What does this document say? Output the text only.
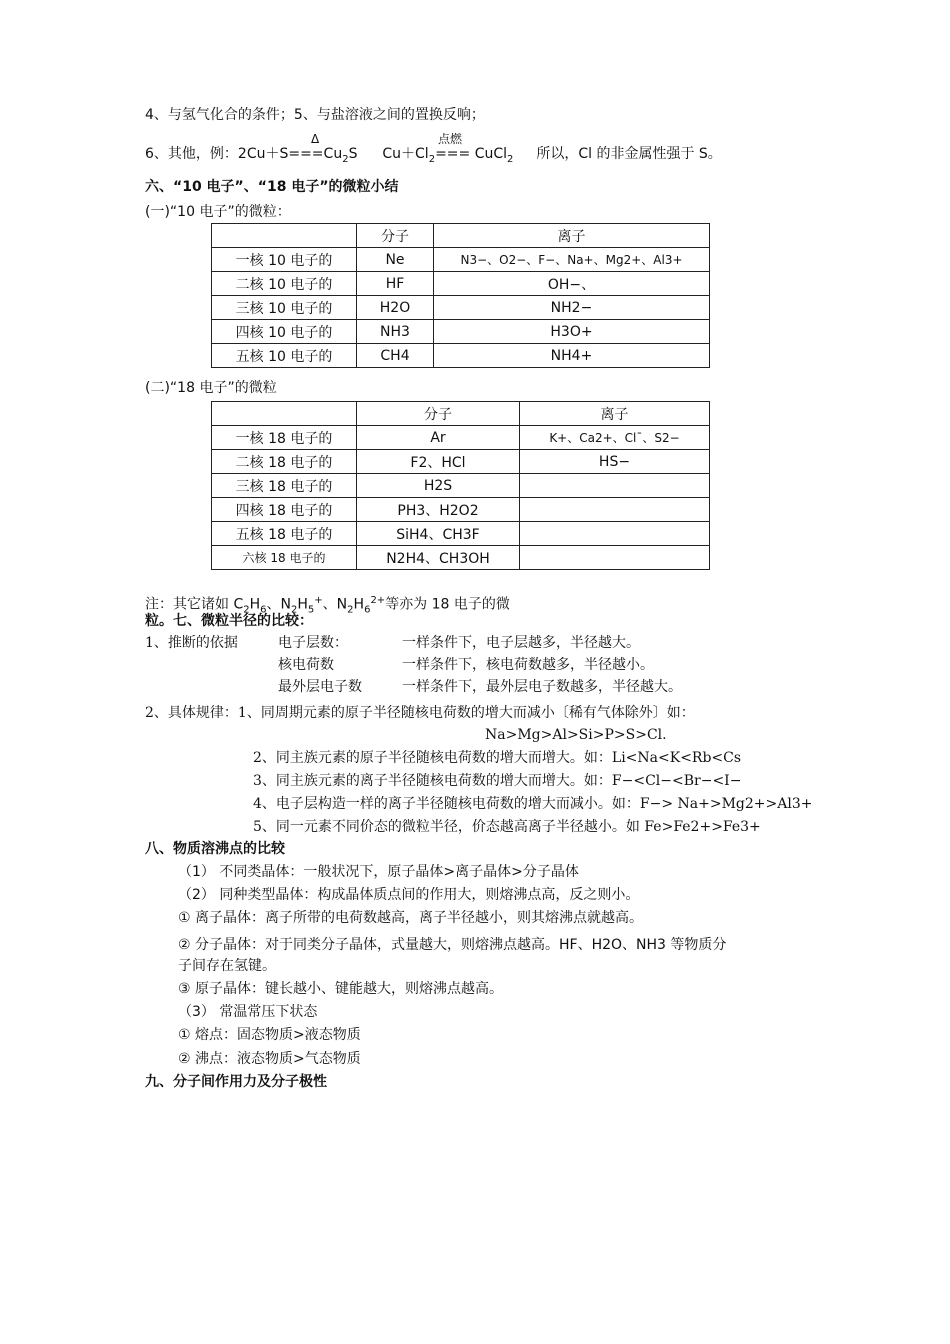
4、与氢气化合的条件；5、与盐溶液之间的置换反响；
Δ	点燃
6、其他，例：$2Cu+S===Cu_2S$ $Cu+Cl_2===$ CuCl$_2$ 所以，Cl 的非金属性强于 S。
六、“10 电子”、“18 电子”的微粒小结
(一)“10 电子”的微粒：
	分子	离子
一核 10 电子的	Ne	N3−、O2−、F−、Na+、Mg2+、Al3+
二核 10 电子的	HF	OH−、
三核 10 电子的	H2O	NH2−
四核 10 电子的	NH3	H3O+
五核 10 电子的	CH4	NH4+
(二)“18 电子”的微粒
	分子	离子
一核 18 电子的	Ar	K+、Ca2+、Cl¯、S2−
二核 18 电子的	F2、HCl	HS−
三核 18 电子的	H2S	
四核 18 电子的	PH3、H2O2	
五核 18 电子的	SiH4、CH3F	
六核 18 电子的	N2H4、CH3OH	
注：其它诸如 $C_2H_6$、$N_2H_5^+$、$N_2H_6^{2+}$等亦为 18 电子的微
粒。七、微粒半径的比较：
1、推断的依据	电子层数：	一样条件下，电子层越多，半径越大。
核电荷数	一样条件下，核电荷数越多，半径越小。
最外层电子数	一样条件下，最外层电子数越多，半径越大。
2、具体规律：1、同周期元素的原子半径随核电荷数的增大而减小〔稀有气体除外〕如：
Na>Mg>Al>Si>P>S>Cl.
2、同主族元素的原子半径随核电荷数的增大而增大。如：Li<Na<K<Rb<Cs
3、同主族元素的离子半径随核电荷数的增大而增大。如：F−<Cl−<Br−<I−
4、电子层构造一样的离子半径随核电荷数的增大而减小。如：F−> Na+>Mg2+>Al3+
5、同一元素不同价态的微粒半径，价态越高离子半径越小。如 Fe>Fe2+>Fe3+
八、物质溶沸点的比较
（1） 不同类晶体：一般状况下，原子晶体>离子晶体>分子晶体
（2） 同种类型晶体：构成晶体质点间的作用大，则熔沸点高，反之则小。
① 离子晶体：离子所带的电荷数越高，离子半径越小，则其熔沸点就越高。
② 分子晶体：对于同类分子晶体，式量越大，则熔沸点越高。HF、H2O、NH3 等物质分
子间存在氢键。
③ 原子晶体：键长越小、键能越大，则熔沸点越高。
（3） 常温常压下状态
① 熔点：固态物质>液态物质
② 沸点：液态物质>气态物质
九、分子间作用力及分子极性
